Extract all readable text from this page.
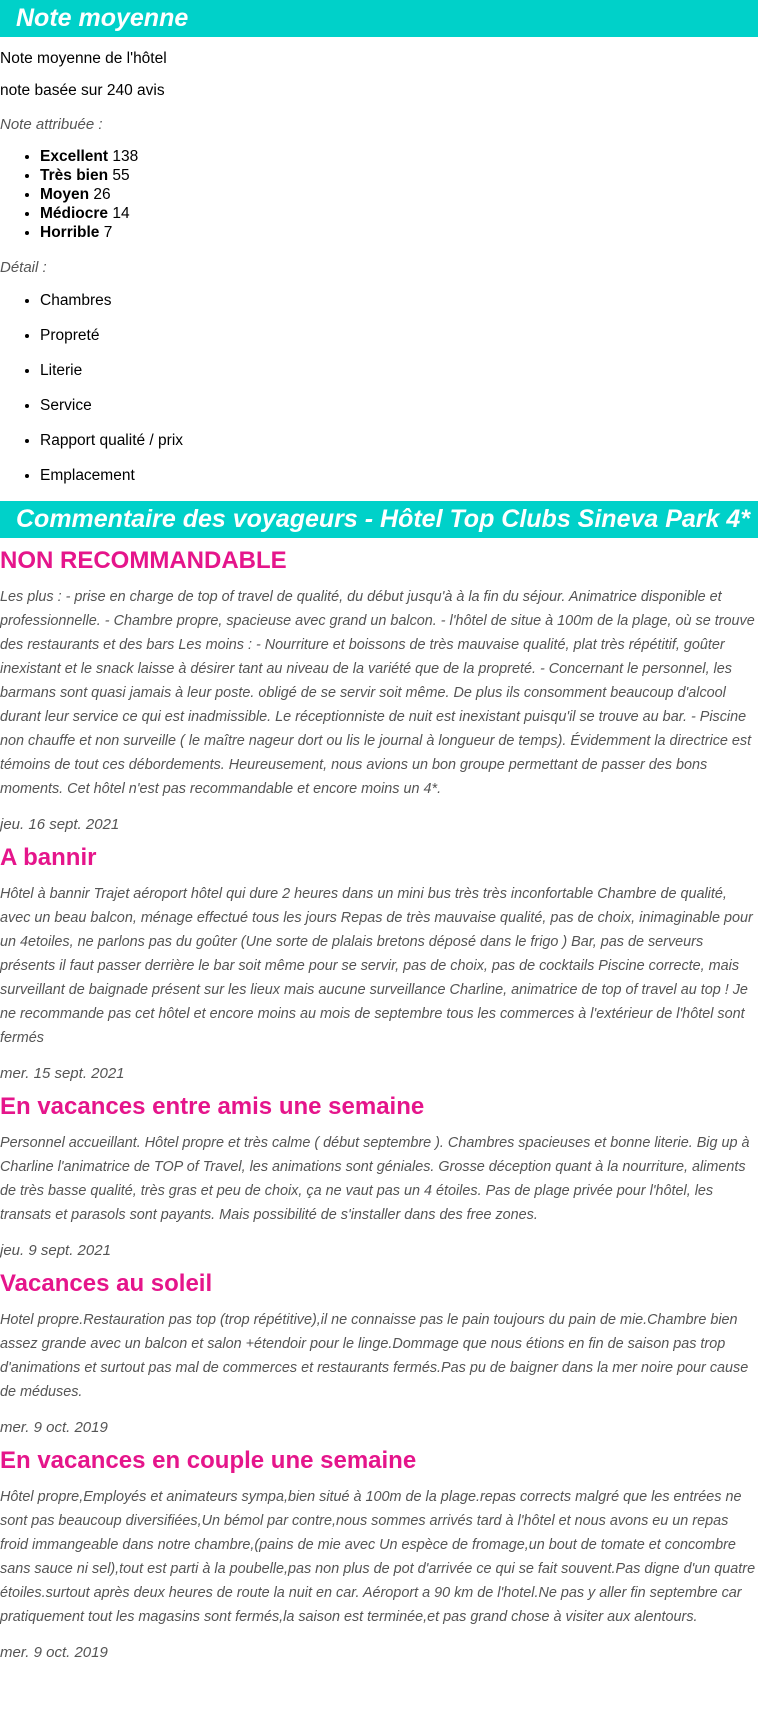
Note moyenne

Note moyenne de l'hôtel

note basée sur 240 avis

Note attribuée :

• Excellent 138
• Très bien 55
• Moyen 26
• Médiocre 14
• Horrible 7

Détail :

• Chambres
• Propreté
• Literie
• Service
• Rapport qualité / prix
• Emplacement
Commentaire des voyageurs - Hôtel Top Clubs Sineva Park 4*
NON RECOMMANDABLE

Les plus : - prise en charge de top of travel de qualité, du début jusqu'à à la fin du séjour. Animatrice disponible et professionnelle. - Chambre propre, spacieuse avec grand un balcon. - l'hôtel de situe à 100m de la plage, où se trouve des restaurants et des bars Les moins : - Nourriture et boissons de très mauvaise qualité, plat très répétitif, goûter inexistant et le snack laisse à désirer tant au niveau de la variété que de la propreté. - Concernant le personnel, les barmans sont quasi jamais à leur poste. obligé de se servir soit même. De plus ils consomment beaucoup d'alcool durant leur service ce qui est inadmissible. Le réceptionniste de nuit est inexistant puisqu'il se trouve au bar. - Piscine non chauffe et non surveille ( le maître nageur dort ou lis le journal à longueur de temps). Évidemment la directrice est témoins de tout ces débordements. Heureusement, nous avions un bon groupe permettant de passer des bons moments. Cet hôtel n'est pas recommandable et encore moins un 4*.

jeu. 16 sept. 2021

A bannir

Hôtel à bannir Trajet aéroport hôtel qui dure 2 heures dans un mini bus très très inconfortable Chambre de qualité, avec un beau balcon, ménage effectué tous les jours Repas de très mauvaise qualité, pas de choix, inimaginable pour un 4etoiles, ne parlons pas du goûter (Une sorte de plalais bretons déposé dans le frigo ) Bar, pas de serveurs présents il faut passer derrière le bar soit même pour se servir, pas de choix, pas de cocktails Piscine correcte, mais surveillant de baignade présent sur les lieux mais aucune surveillance Charline, animatrice de top of travel au top ! Je ne recommande pas cet hôtel et encore moins au mois de septembre tous les commerces à l'extérieur de l'hôtel sont fermés

mer. 15 sept. 2021

En vacances entre amis une semaine

Personnel accueillant. Hôtel propre et très calme ( début septembre ). Chambres spacieuses et bonne literie. Big up à Charline l'animatrice de TOP of Travel, les animations sont géniales. Grosse déception quant à la nourriture, aliments de très basse qualité, très gras et peu de choix, ça ne vaut pas un 4 étoiles. Pas de plage privée pour l'hôtel, les transats et parasols sont payants. Mais possibilité de s'installer dans des free zones.

jeu. 9 sept. 2021

Vacances au soleil

Hotel propre.Restauration pas top (trop répétitive),il ne connaisse pas le pain toujours du pain de mie.Chambre bien assez grande avec un balcon et salon +étendoir pour le linge.Dommage que nous étions en fin de saison pas trop d'animations et surtout pas mal de commerces et restaurants fermés.Pas pu de baigner dans la mer noire pour cause de méduses.

mer. 9 oct. 2019

En vacances en couple une semaine

Hôtel propre,Employés et animateurs sympa,bien situé à 100m de la plage.repas corrects malgré que les entrées ne sont pas beaucoup diversifiées,Un bémol par contre,nous sommes arrivés tard à l'hôtel et nous avons eu un repas froid immangeable dans notre chambre,(pains de mie avec Un espèce de fromage,un bout de tomate et concombre sans sauce ni sel),tout est parti à la poubelle,pas non plus de pot d'arrivée ce qui se fait souvent.Pas digne d'un quatre étoiles.surtout après deux heures de route la nuit en car. Aéroport a 90 km de l'hotel.Ne pas y aller fin septembre car pratiquement tout les magasins sont fermés,la saison est terminée,et pas grand chose à visiter aux alentours.

mer. 9 oct. 2019
